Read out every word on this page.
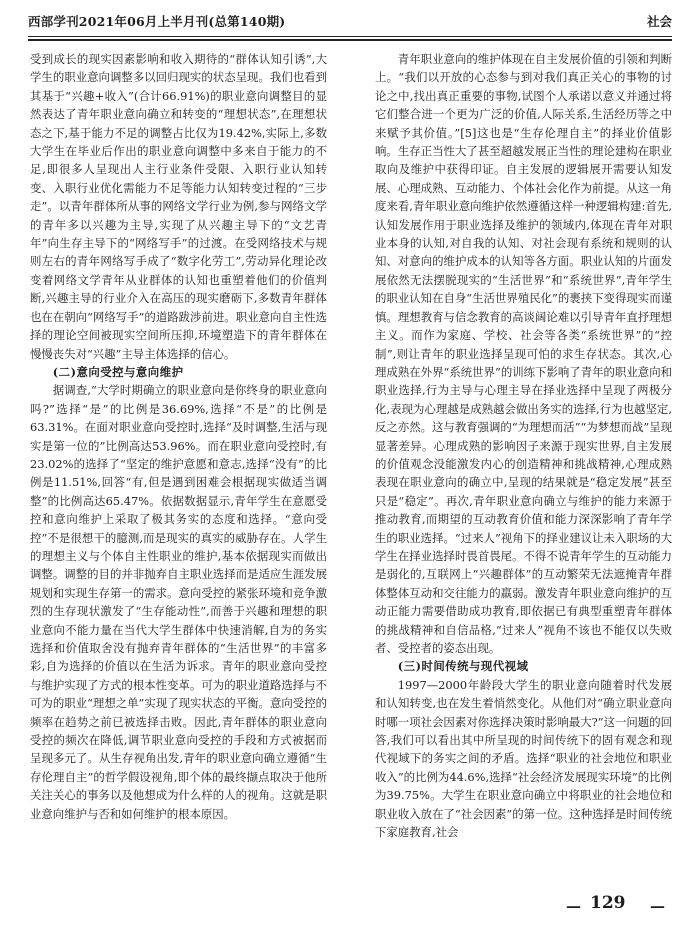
西部学刊2021年06月上半月刊(总第140期)	社会

受到成长的现实因素影响和收入期待的“群体认知引诱”,大学生的职业意向调整多以回归现实的状态呈现。我们也看到其基于“兴趣+收入”(合计66.91%)的职业意向调整目的显然表达了青年职业意向确立和转变的“理想状态”,在理想状态之下,基于能力不足的调整占比仅为19.42%,实际上,多数大学生在毕业后作出的职业意向调整中多来自于能力的不足,即很多人呈现出人主行业条件受限、入职行业认知转变、入职行业优化需能力不足等能力认知转变过程的“三步走”。以青年群体所从事的网络文学行业为例,参与网络文学的青年多以兴趣为主导,实现了从兴趣主导下的“文艺青年”向生存主导下的“网络写手”的过渡。在受网络技术与规则左右的青年网络写手成了“数字化劳工”,劳动异化理论改变着网络文学青年从业群体的认知也重塑着他们的价值判断,兴趣主导的行业介入在高压的现实磨砺下,多数青年群体也在在朝向“网络写手”的道路跋涉前进。职业意向自主性选择的理论空间被现实空间所压抑,环境塑造下的青年群体在慢慢丧失对“兴趣”主导主体选择的信心。

(二)意向受控与意向维护

据调查,“大学时期确立的职业意向是你终身的职业意向吗?”选择“是”的比例是36.69%,选择“不是”的比例是63.31%。在面对职业意向受控时,选择“及时调整,生活与现实是第一位的”比例高达53.96%。而在职业意向受控时,有23.02%的选择了“坚定的维护意愿和意志,选择“没有”的比例是11.51%,回答“有,但是遇到困难会根据现实做适当调整”的比例高达65.47%。依据数据显示,青年学生在意愿受控和意向维护上采取了极其务实的态度和选择。“意向受控”不是很想干的臆测,而是现实的真实的威胁存在。人学生的理想主义与个体自主性职业的维护,基本依据现实而做出调整。调整的目的并非抛弃自主职业选择而是适应生涯发展规划和实现生存第一的需求。意向受控的紧张环境和竞争激烈的生存现状激发了“生存能动性”,而善于兴趣和理想的职业意向不能力量在当代大学生群体中快速消解,自为的务实选择和价值取舍没有抛弃青年群体的“生活世界”的丰富多彩,自为选择的价值以在生活为诉求。青年的职业意向受控与维护实现了方式的根本性变革。可为的职业道路选择与不可为的职业“理想之单”实现了现实状态的平衡。意向受控的频率在趋势之前已被选择击败。因此,青年群体的职业意向受控的频次在降低,调节职业意向受控的手段和方式被据而呈现多元了。从生存视角出发,青年的职业意向确立遵循“生存伦理自主”的哲学假设视角,即个体的最终撷点取决于他所关注关心的事务以及他想成为什么样的人的视角。这就是职业意向维护与否和如何维护的根本原因。

青年职业意向的维护体现在自主发展价值的引领和判断上。“我们以开放的心态参与到对我们真正关心的事物的讨论之中,找出真正重要的事物,试图个人承诺以意义并通过将它们整合进一个更为广泛的价值,人际关系,生活经历等之中来赋予其价值。”[5]这也是“生存伦理自主”的择业价值影响。生存正当性大了甚至超越发展正当性的理论建构在职业取向及维护中获得印证。自主发展的逻辑展开需要认知发展、心理成熟、互动能力、个体社会化作为前提。从这一角度来看,青年职业意向维护依然遵循这样一种逻辑构建:首先,认知发展作用于职业选择及维护的领域内,体现在青年对职业本身的认知,对自我的认知、对社会现有系统和规则的认知、对意向的维护成本的认知等各方面。职业认知的片面发展依然无法摆脱现实的“生活世界”和“系统世界”,青年学生的职业认知在自身“生活世界殖民化”的裹挟下变得现实而谨慎。理想教育与信念教育的高谈阔论难以引导青年直抒理想主义。而作为家庭、学校、社会等各类“系统世界”的“控制”,则让青年的职业选择呈现可怕的求生存状态。其次,心理成熟在外界“系统世界”的训练下影响了青年的职业意向和职业选择,行为主导与心理主导在择业选择中呈现了两极分化,表现为心理越是成熟越会做出务实的选择,行为也越坚定,反之亦然。这与教育强调的“为理想而活”“为梦想而战”呈现显著差异。心理成熟的影响因子来源于现实世界,自主发展的价值观念没能激发内心的创造精神和挑战精神,心理成熟表现在职业意向的确立中,呈现的结果就是“稳定发展”甚至只是“稳定”。再次,青年职业意向确立与维护的能力来源于推动教育,而期望的互动教育价值和能力深深影响了青年学生的职业选择。“过来人”视角下的择业建议让未入职场的大学生在择业选择时畏首畏尾。不得不说青年学生的互动能力是弱化的,互联网上“兴趣群体”的互动繁荣无法遮掩青年群体整体互动和交往能力的羸弱。激发青年职业意向维护的互动正能力需要借助成功教育,即依据已有典型重塑青年群体的挑战精神和自信品格,“过来人”视角不该也不能仅以失败者、受控者的姿态出现。

(三)时间传统与现代视域

1997—2000年龄段大学生的职业意向随着时代发展和认知转变,也在发生着悄然变化。从他们对“确立职业意向时哪一项社会因素对你选择决策时影响最大?”这一问题的回答,我们可以看出其中所呈现的时间传统下的固有观念和现代视域下的务实之间的矛盾。选择“职业的社会地位和职业收入”的比例为44.6%,选择“社会经济发展现实环境”的比例为39.75%。大学生在职业意向确立中将职业的社会地位和职业收入放在了“社会因素”的第一位。这种选择是时间传统下家庭教育,社会

— 129 —
